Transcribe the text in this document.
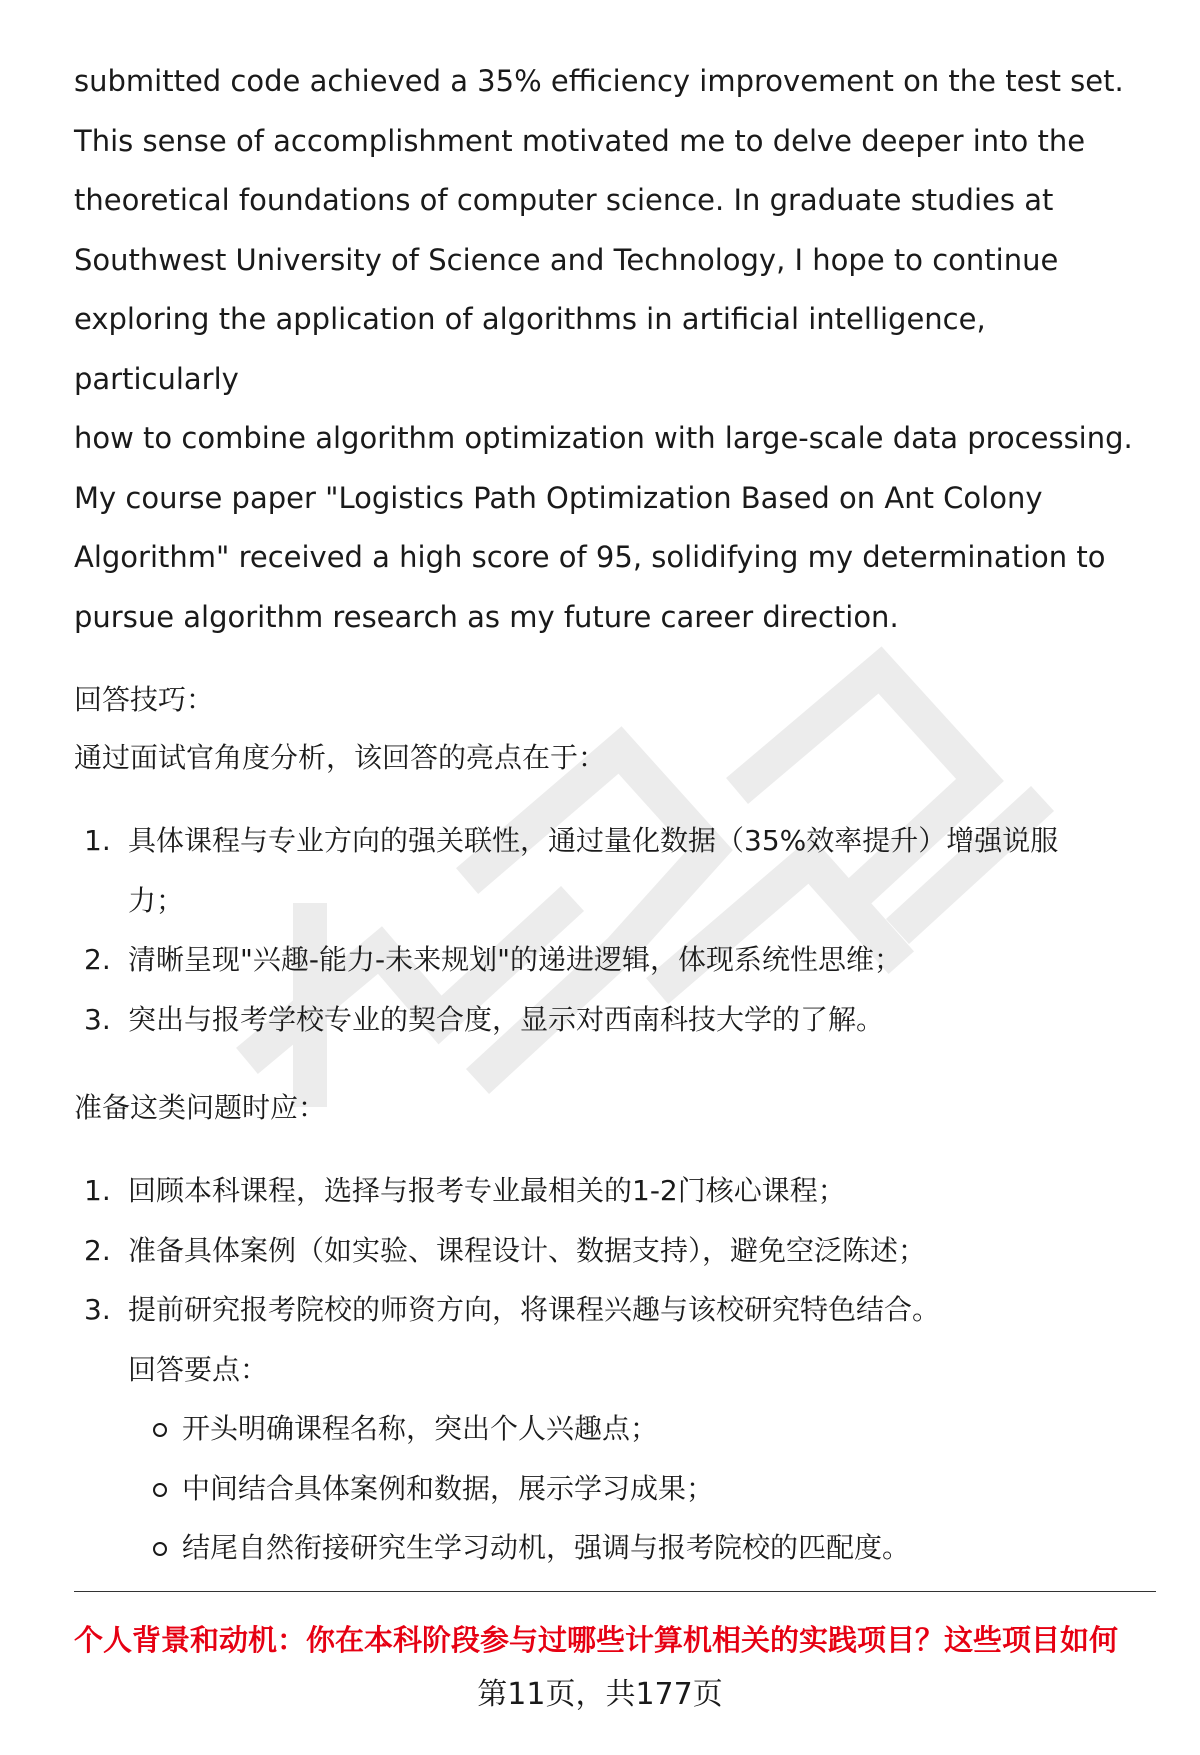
submitted code achieved a 35% efficiency improvement on the test set.

This sense of accomplishment motivated me to delve deeper into the

theoretical foundations of computer science. In graduate studies at

Southwest University of Science and Technology, I hope to continue

exploring the application of algorithms in artificial intelligence, particularly

how to combine algorithm optimization with large-scale data processing.

My course paper "Logistics Path Optimization Based on Ant Colony

Algorithm" received a high score of 95, solidifying my determination to

pursue algorithm research as my future career direction.

回答技巧：

通过面试官角度分析，该回答的亮点在于：

1. 具体课程与专业方向的强关联性，通过量化数据（35%效率提升）增强说服
力；
2. 清晰呈现"兴趣-能力-未来规划"的递进逻辑，体现系统性思维；
3. 突出与报考学校专业的契合度，显示对西南科技大学的了解。

准备这类问题时应：

1. 回顾本科课程，选择与报考专业最相关的1-2门核心课程；
2. 准备具体案例（如实验、课程设计、数据支持），避免空泛陈述；
3. 提前研究报考院校的师资方向，将课程兴趣与该校研究特色结合。

回答要点：

开头明确课程名称，突出个人兴趣点；
中间结合具体案例和数据，展示学习成果；
结尾自然衔接研究生学习动机，强调与报考院校的匹配度。
个人背景和动机：你在本科阶段参与过哪些计算机相关的实践项目？这些项目如何
第11页，共177页
